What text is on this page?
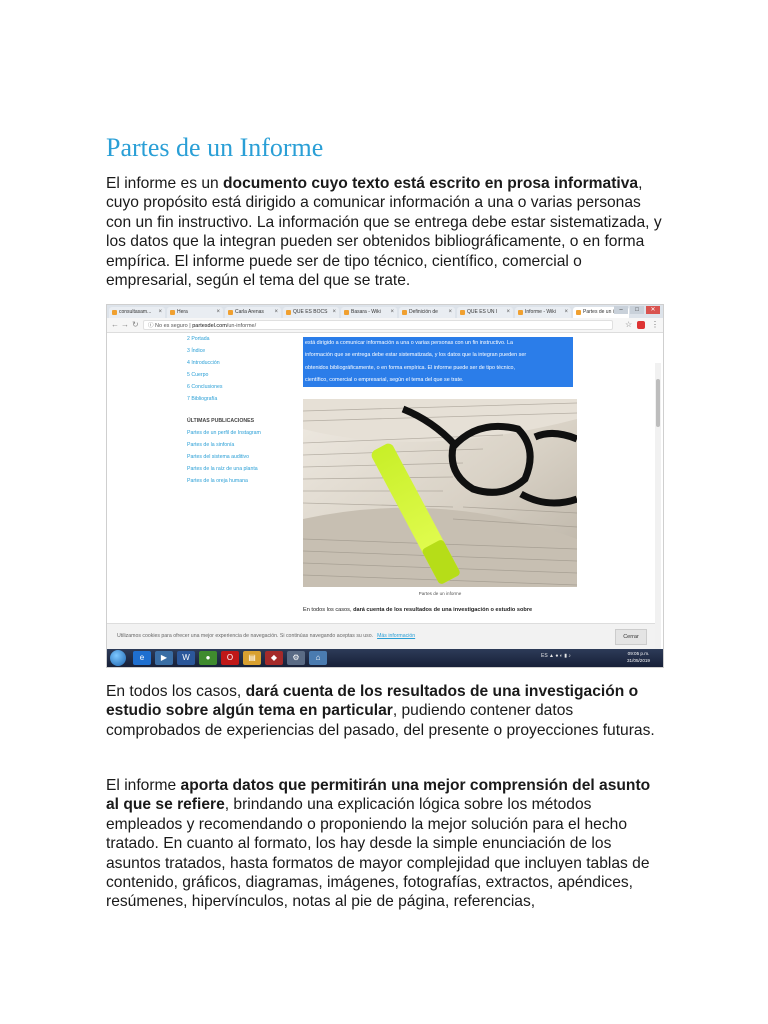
Partes de un Informe

El informe es un documento cuyo texto está escrito en prosa informativa, cuyo propósito está dirigido a comunicar información a una o varias personas con un fin instructivo. La información que se entrega debe estar sistematizada, y los datos que la integran pueden ser obtenidos bibliográficamente, o en forma empírica. El informe puede ser de tipo técnico, científico, comercial o empresarial, según el tema del que se trate.

consultasam... ×	Hera	×	Carla Arenas ×	QUE ES BOCS ×	Basara - Wiki ×	Definición de ×	QUE ES UN I ×	Informe - Wiki ×	Partes de un i –	□	✕
← → ↻	ⓘ No es seguro | partesdel.com/un-informe/	☆ ⋮
2 Portada
3 Índice
4 Introducción
5 Cuerpo
6 Conclusiones
7 Bibliografía
ÚLTIMAS PUBLICACIONES
Partes de un perfil de Instagram
Partes de la sinfonía
Partes del sistema auditivo
Partes de la raíz de una planta
Partes de la oreja humana
está dirigido a comunicar información a una o varias personas con un fin instructivo. La
información que se entrega debe estar sistematizada, y los datos que la integran pueden ser
obtenidos bibliográficamente, o en forma empírica. El informe puede ser de tipo técnico,
científico, comercial o empresarial, según el tema del que se trate.
Partes de un informe
En todos los casos, dará cuenta de los resultados de una investigación o estudio sobre
Utilizamos cookies para ofrecer una mejor experiencia de navegación. Si continúas navegando aceptas su uso. Más información	Cerrar
e	▶	W	●	O	▤	◆	⚙	⌂	ES ▲ ● ◐ ▮ ♪	09:05 p.m.
31/05/2019

En todos los casos, dará cuenta de los resultados de una investigación o estudio sobre algún tema en particular, pudiendo contener datos comprobados de experiencias del pasado, del presente o proyecciones futuras.

El informe aporta datos que permitirán una mejor comprensión del asunto al que se refiere, brindando una explicación lógica sobre los métodos empleados y recomendando o proponiendo la mejor solución para el hecho tratado. En cuanto al formato, los hay desde la simple enunciación de los asuntos tratados, hasta formatos de mayor complejidad que incluyen tablas de contenido, gráficos, diagramas, imágenes, fotografías, extractos, apéndices, resúmenes, hipervínculos, notas al pie de página, referencias,
